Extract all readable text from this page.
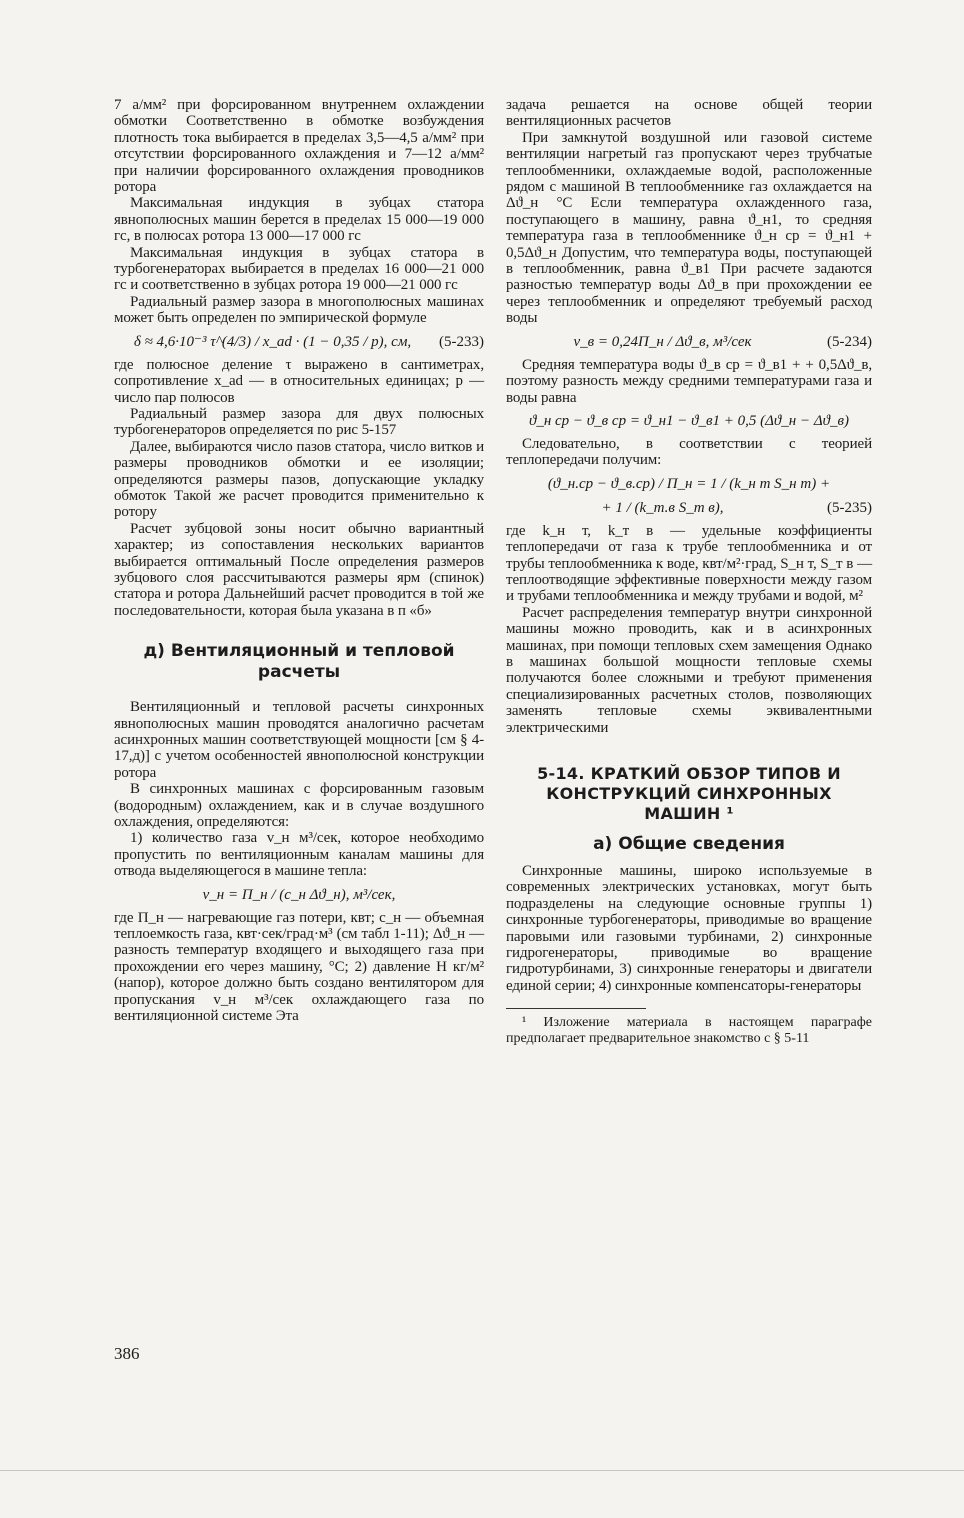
7 а/мм² при форсированном внутреннем охлаждении обмотки Соответственно в обмотке возбуждения плотность тока выбирается в пределах 3,5—4,5 а/мм² при отсутствии форсированного охлаждения и 7—12 а/мм² при наличии форсированного охлаждения проводников ротора

Максимальная индукция в зубцах статора явнополюсных машин берется в пределах 15 000—19 000 гс, в полюсах ротора 13 000—17 000 гс

Максимальная индукция в зубцах статора в турбогенераторах выбирается в пределах 16 000—21 000 гс и соответственно в зубцах ротора 19 000—21 000 гс

Радиальный размер зазора в многополюсных машинах может быть определен по эмпирической формуле

δ ≈ 4,6·10⁻³ τ^(4/3) / x_ad · (1 − 0,35 / p), см,	(5-233)

где полюсное деление τ выражено в сантиметрах, сопротивление x_ad — в относительных единицах; p — число пар полюсов

Радиальный размер зазора для двух полюсных турбогенераторов определяется по рис 5-157

Далее, выбираются число пазов статора, число витков и размеры проводников обмотки и ее изоляции; определяются размеры пазов, допускающие укладку обмоток Такой же расчет проводится применительно к ротору

Расчет зубцовой зоны носит обычно вариантный характер; из сопоставления нескольких вариантов выбирается оптимальный После определения размеров зубцового слоя рассчитываются размеры ярм (спинок) статора и ротора Дальнейший расчет проводится в той же последовательности, которая была указана в п «б»

д) Вентиляционный и тепловой расчеты

Вентиляционный и тепловой расчеты синхронных явнополюсных машин проводятся аналогично расчетам асинхронных машин соответствующей мощности [см § 4-17,д)] с учетом особенностей явнополюсной конструкции ротора

В синхронных машинах с форсированным газовым (водородным) охлаждением, как и в случае воздушного охлаждения, определяются:

1) количество газа v_н м³/сек, которое необходимо пропустить по вентиляционным каналам машины для отвода выделяющегося в машине тепла:

v_н = П_н / (c_н Δϑ_н), м³/сек,

где П_н — нагревающие газ потери, квт; c_н — объемная теплоемкость газа, квт·сек/град·м³ (см табл 1-11); Δϑ_н — разность температур входящего и выходящего газа при прохождении его через машину, °С; 2) давление H кг/м² (напор), которое должно быть создано вентилятором для пропускания v_н м³/сек охлаждающего газа по вентиляционной системе Эта

задача решается на основе общей теории вентиляционных расчетов

При замкнутой воздушной или газовой системе вентиляции нагретый газ пропускают через трубчатые теплообменники, охлаждаемые водой, расположенные рядом с машиной В теплообменнике газ охлаждается на Δϑ_н °С Если температура охлажденного газа, поступающего в машину, равна ϑ_н1, то средняя температура газа в теплообменнике ϑ_н ср = ϑ_н1 + 0,5Δϑ_н Допустим, что температура воды, поступающей в теплообменник, равна ϑ_в1 При расчете задаются разностью температур воды Δϑ_в при прохождении ее через теплообменник и определяют требуемый расход воды

v_в = 0,24П_н / Δϑ_в, м³/сек	(5-234)

Средняя температура воды ϑ_в ср = ϑ_в1 + + 0,5Δϑ_в, поэтому разность между средними температурами газа и воды равна

ϑ_н ср − ϑ_в ср = ϑ_н1 − ϑ_в1 + 0,5 (Δϑ_н − Δϑ_в)

Следовательно, в соответствии с теорией теплопередачи получим:

(ϑ_н.ср − ϑ_в.ср) / П_н = 1 / (k_н т S_н т) +
+ 1 / (k_т.в S_т в),	(5-235)

где k_н т, k_т в — удельные коэффициенты теплопередачи от газа к трубе теплообменника и от трубы теплообменника к воде, квт/м²·град, S_н т, S_т в — теплоотводящие эффективные поверхности между газом и трубами теплообменника и между трубами и водой, м²

Расчет распределения температур внутри синхронной машины можно проводить, как и в асинхронных машинах, при помощи тепловых схем замещения Однако в машинах большой мощности тепловые схемы получаются более сложными и требуют применения специализированных расчетных столов, позволяющих заменять тепловые схемы эквивалентными электрическими

5-14. КРАТКИЙ ОБЗОР ТИПОВ И КОНСТРУКЦИЙ СИНХРОННЫХ МАШИН ¹
а) Общие сведения

Синхронные машины, широко используемые в современных электрических установках, могут быть подразделены на следующие основные группы 1) синхронные турбогенераторы, приводимые во вращение паровыми или газовыми турбинами, 2) синхронные гидрогенераторы, приводимые во вращение гидротурбинами, 3) синхронные генераторы и двигатели единой серии; 4) синхронные компенсаторы-генераторы

¹ Изложение материала в настоящем параграфе предполагает предварительное знакомство с § 5-11

386
